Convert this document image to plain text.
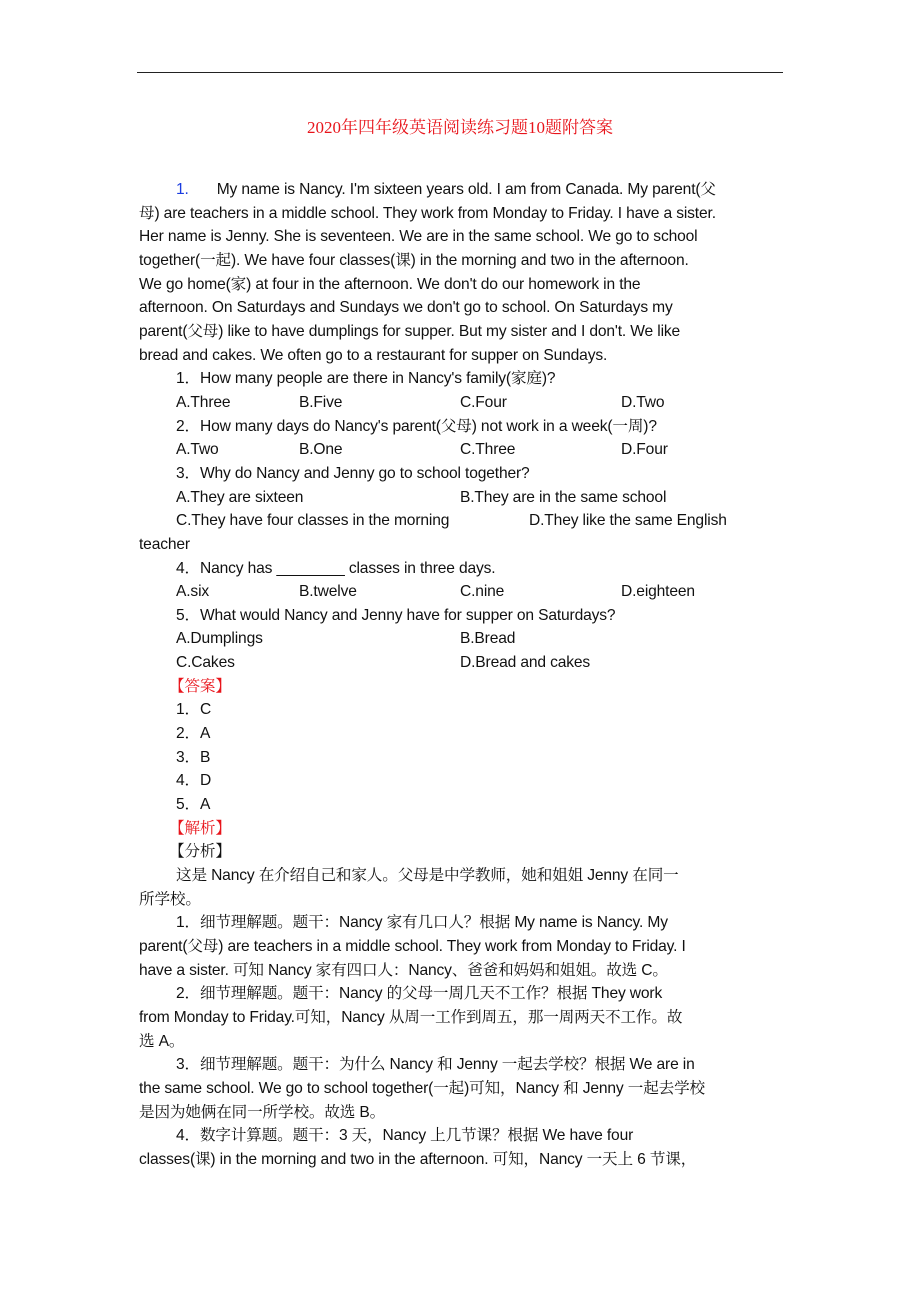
2020年四年级英语阅读练习题10题附答案
1. My name is Nancy. I'm sixteen years old. I am from Canada. My parent(父
母) are teachers in a middle school. They work from Monday to Friday. I have a sister.
Her name is Jenny. She is seventeen. We are in the same school. We go to school
together(一起). We have four classes(课) in the morning and two in the afternoon.
We go home(家) at four in the afternoon. We don't do our homework in the
afternoon. On Saturdays and Sundays we don't go to school. On Saturdays my
parent(父母) like to have dumplings for supper. But my sister and I don't. We like
bread and cakes. We often go to a restaurant for supper on Sundays.
1．How many people are there in Nancy's family(家庭)?
A.Three	B.Five	C.Four	D.Two
2．How many days do Nancy's parent(父母) not work in a week(一周)?
A.Two	B.One	C.Three	D.Four
3．Why do Nancy and Jenny go to school together?
A.They are sixteen	B.They are in the same school
C.They have four classes in the morning	D.They like the same English
teacher
4．Nancy has ________ classes in three days.
A.six	B.twelve	C.nine	D.eighteen
5．What would Nancy and Jenny have for supper on Saturdays?
A.Dumplings	B.Bread
C.Cakes	D.Bread and cakes
【答案】
1．C
2．A
3．B
4．D
5．A
【解析】
【分析】
这是 Nancy 在介绍自己和家人。父母是中学教师，她和姐姐 Jenny 在同一
所学校。
1．细节理解题。题干：Nancy 家有几口人？根据 My name is Nancy. My
parent(父母) are teachers in a middle school. They work from Monday to Friday. I
have a sister. 可知 Nancy 家有四口人：Nancy、爸爸和妈妈和姐姐。故选 C。
2．细节理解题。题干：Nancy 的父母一周几天不工作？根据 They work
from Monday to Friday.可知，Nancy 从周一工作到周五，那一周两天不工作。故
选 A。
3．细节理解题。题干：为什么 Nancy 和 Jenny 一起去学校？根据 We are in
the same school. We go to school together(一起)可知，Nancy 和 Jenny 一起去学校
是因为她俩在同一所学校。故选 B。
4．数字计算题。题干：3 天，Nancy 上几节课？根据 We have four
classes(课) in the morning and two in the afternoon. 可知，Nancy 一天上 6 节课，
